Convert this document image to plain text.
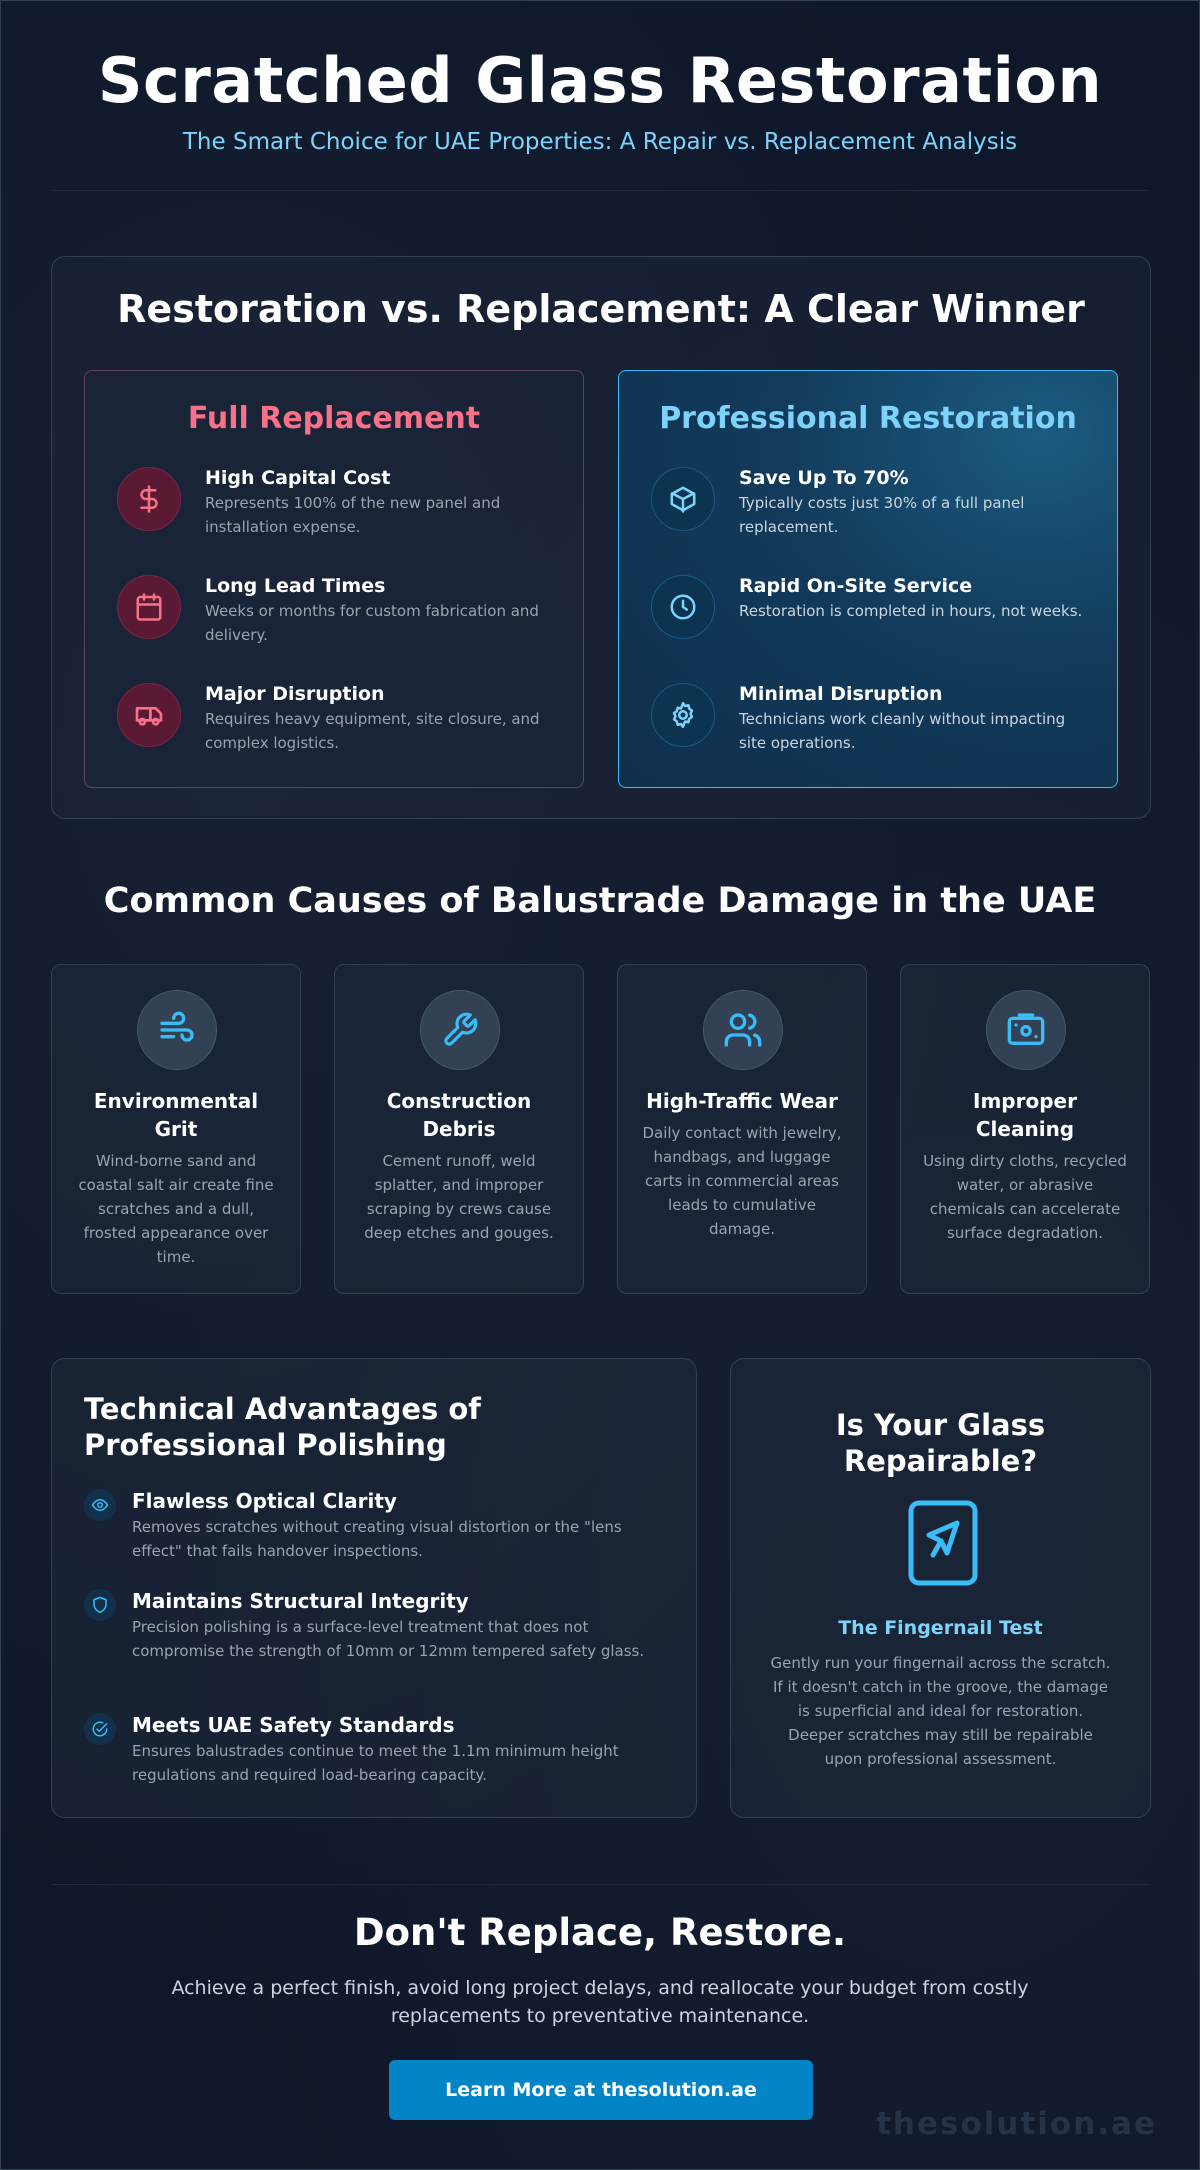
Scratched Glass Restoration

The Smart Choice for UAE Properties: A Repair vs. Replacement Analysis

Restoration vs. Replacement: A Clear Winner
Full Replacement
High Capital Cost
Represents 100% of the new panel and installation expense.
Long Lead Times
Weeks or months for custom fabrication and delivery.
Major Disruption
Requires heavy equipment, site closure, and complex logistics.
Professional Restoration
Save Up To 70%
Typically costs just 30% of a full panel replacement.
Rapid On-Site Service
Restoration is completed in hours, not weeks.
Minimal Disruption
Technicians work cleanly without impacting site operations.
Common Causes of Balustrade Damage in the UAE
Environmental Grit
Wind-borne sand and coastal salt air create fine scratches and a dull, frosted appearance over time.
Construction Debris
Cement runoff, weld splatter, and improper scraping by crews cause deep etches and gouges.
High-Traffic Wear
Daily contact with jewelry, handbags, and luggage carts in commercial areas leads to cumulative damage.
Improper Cleaning
Using dirty cloths, recycled water, or abrasive chemicals can accelerate surface degradation.
Technical Advantages of Professional Polishing
Flawless Optical Clarity
Removes scratches without creating visual distortion or the "lens effect" that fails handover inspections.
Maintains Structural Integrity
Precision polishing is a surface-level treatment that does not compromise the strength of 10mm or 12mm tempered safety glass.
Meets UAE Safety Standards
Ensures balustrades continue to meet the 1.1m minimum height regulations and required load-bearing capacity.
Is Your Glass Repairable?
The Fingernail Test
Gently run your fingernail across the scratch. If it doesn't catch in the groove, the damage is superficial and ideal for restoration. Deeper scratches may still be repairable upon professional assessment.
Don't Replace, Restore.

Achieve a perfect finish, avoid long project delays, and reallocate your budget from costly replacements to preventative maintenance.

Learn More at thesolution.ae
thesolution.ae
